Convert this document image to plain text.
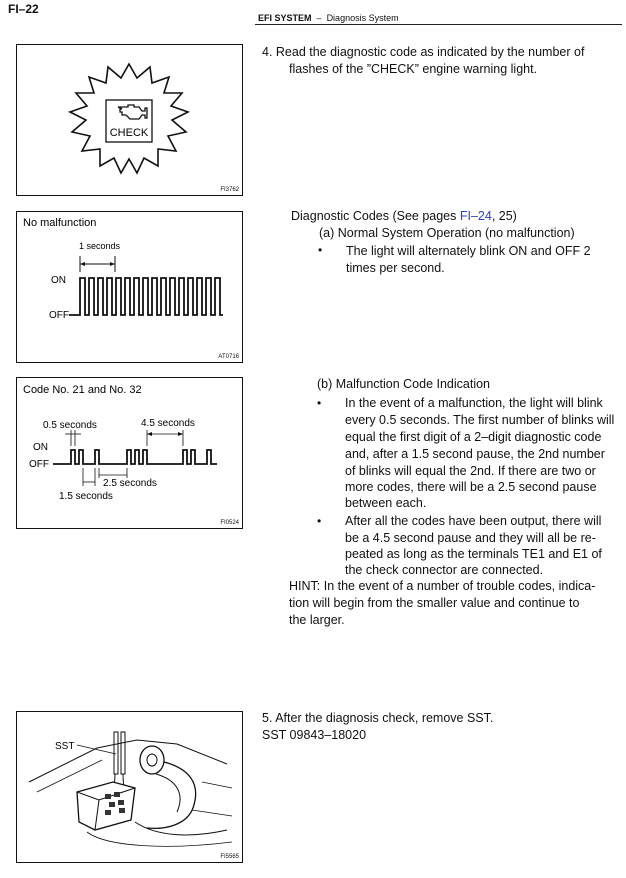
FI–22
EFI SYSTEM – Diagnosis System
CHECK
FI3762
No malfunction
1 seconds
ON
OFF
AT0716
Code No. 21 and No. 32
0.5 seconds	4.5 seconds
ON
OFF
2.5 seconds
1.5 seconds
FI0524
SST
FI5565
4. Read the diagnostic code as indicated by the number of
flashes of the ”CHECK” engine warning light.
Diagnostic Codes (See pages FI–24, 25)
(a) Normal System Operation (no malfunction)
• The light will alternately blink ON and OFF 2
times per second.
(b) Malfunction Code Indication
• In the event of a malfunction, the light will blink
every 0.5 seconds. The first number of blinks will
equal the first digit of a 2–digit diagnostic code
and, after a 1.5 second pause, the 2nd number
of blinks will equal the 2nd. If there are two or
more codes, there will be a 2.5 second pause
between each.
• After all the codes have been output, there will
be a 4.5 second pause and they will all be re-
peated as long as the terminals TE1 and E1 of
the check connector are connected.
HINT: In the event of a number of trouble codes, indica-
tion will begin from the smaller value and continue to
the larger.
5. After the diagnosis check, remove SST.
SST 09843–18020
